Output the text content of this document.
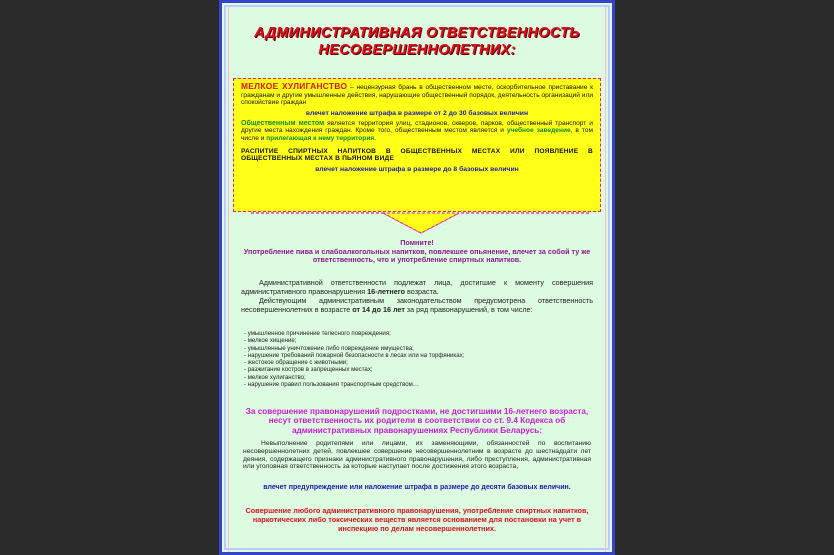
АДМИНИСТРАТИВНАЯ ОТВЕТСТВЕННОСТЬ
НЕСОВЕРШЕННОЛЕТНИХ:

МЕЛКОЕ ХУЛИГАНСТВО – нецензурная брань в общественном месте, оскорбительное приставание к гражданам и другие умышленные действия, нарушающие общественный порядок, деятельность организаций или спокойствие граждан

влечет наложение штрафа в размере от 2 до 30 базовых величин

Общественным местом является территория улиц, стадионов, скверов, парков, общественный транспорт и другие места нахождения граждан. Кроме того, общественным местом является и учебное заведение, в том числе и прилегающая к нему территория.

РАСПИТИЕ СПИРТНЫХ НАПИТКОВ В ОБЩЕСТВЕННЫХ МЕСТАХ ИЛИ ПОЯВЛЕНИЕ В ОБЩЕСТВЕННЫХ МЕСТАХ В ПЬЯНОМ ВИДЕ

влечет наложение штрафа в размере до 8 базовых величин
Помните!
Употребление пива и слабоалкогольных напитков, повлекшее опьянение, влечет за собой ту же ответственность, что и употребление спиртных напитков.

Административной ответственности подлежат лица, достигшие к моменту совершения административного правонарушения 16-летнего возраста.

Действующим административным законодательством предусмотрена ответственность несовершеннолетних в возрасте от 14 до 16 лет за ряд правонарушений, в том числе:

- умышленное причинение телесного повреждения;
- мелкое хищение;
- умышленные уничтожение либо повреждение имущества;
- нарушение требований пожарной безопасности в лесах или на торфяниках;
- жестокое обращение с животными;
- разжигание костров в запрещенных местах;
- мелкое хулиганство;
- нарушение правил пользования транспортным средством…
За совершение правонарушений подростками, не достигшими 16-летнего возраста, несут ответственность их родители в соответствии со ст. 9.4 Кодекса об административных правонарушениях Республики Беларусь:

Невыполнение родителями или лицами, их заменяющими, обязанностей по воспитанию несовершеннолетних детей, повлекшее совершение несовершеннолетним в возрасте до шестнадцати лет деяния, содержащего признаки административного правонарушения, либо преступления, административная или уголовная ответственность за которые наступает после достижения этого возраста,

влечет предупреждение или наложение штрафа в размере до десяти базовых величин.
Совершение любого административного правонарушения, употребление спиртных напитков, наркотических либо токсических веществ является основанием для постановки на учет в инспекцию по делам несовершеннолетних.
